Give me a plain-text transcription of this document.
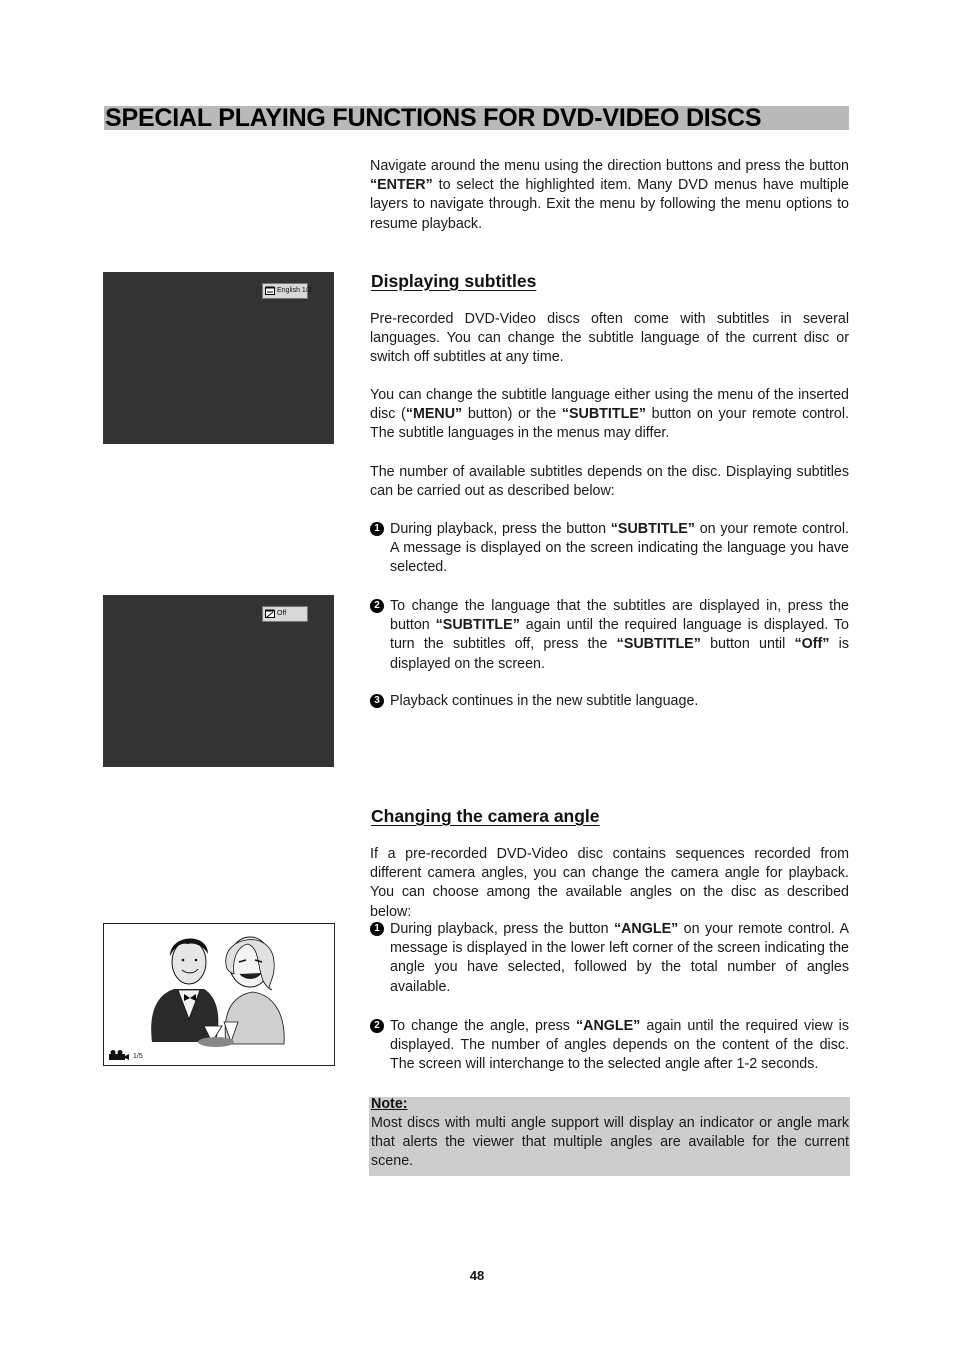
SPECIAL PLAYING FUNCTIONS FOR DVD-VIDEO DISCS

Navigate around the menu using the direction buttons and press the button “ENTER” to select the highlighted item. Many DVD menus have multiple layers to navigate through. Exit the menu by following the menu options to resume playback.

English 1/2	Displaying subtitles

Pre-recorded DVD-Video discs often come with subtitles in several languages. You can change the subtitle language of the current disc or switch off subtitles at any time.

You can change the subtitle language either using the menu of the inserted disc (“MENU” button) or the “SUBTITLE” button on your remote control. The subtitle languages in the menus may differ.

The number of available subtitles depends on the disc. Displaying subtitles can be carried out as described below:

1 During playback, press the button “SUBTITLE” on your remote control. A message is displayed on the screen indicating the language you have selected.
Off
2 To change the language that the subtitles are displayed in, press the button “SUBTITLE” again until the required language is displayed. To turn the subtitles off, press the “SUBTITLE” button until “Off” is displayed on the screen.
3 Playback continues in the new subtitle language.
Changing the camera angle

If a pre-recorded DVD-Video disc contains sequences recorded from different camera angles, you can change the camera angle for playback. You can choose among the available angles on the disc as described below:

1/5
1 During playback, press the button “ANGLE” on your remote control. A message is displayed in the lower left corner of the screen indicating the angle you have selected, followed by the total number of angles available.
2 To change the angle, press “ANGLE” again until the required view is displayed. The number of angles depends on the content of the disc. The screen will interchange to the selected angle after 1-2 seconds.
Note:

Most discs with multi angle support will display an indicator or angle mark that alerts the viewer that multiple angles are available for the current scene.

48
